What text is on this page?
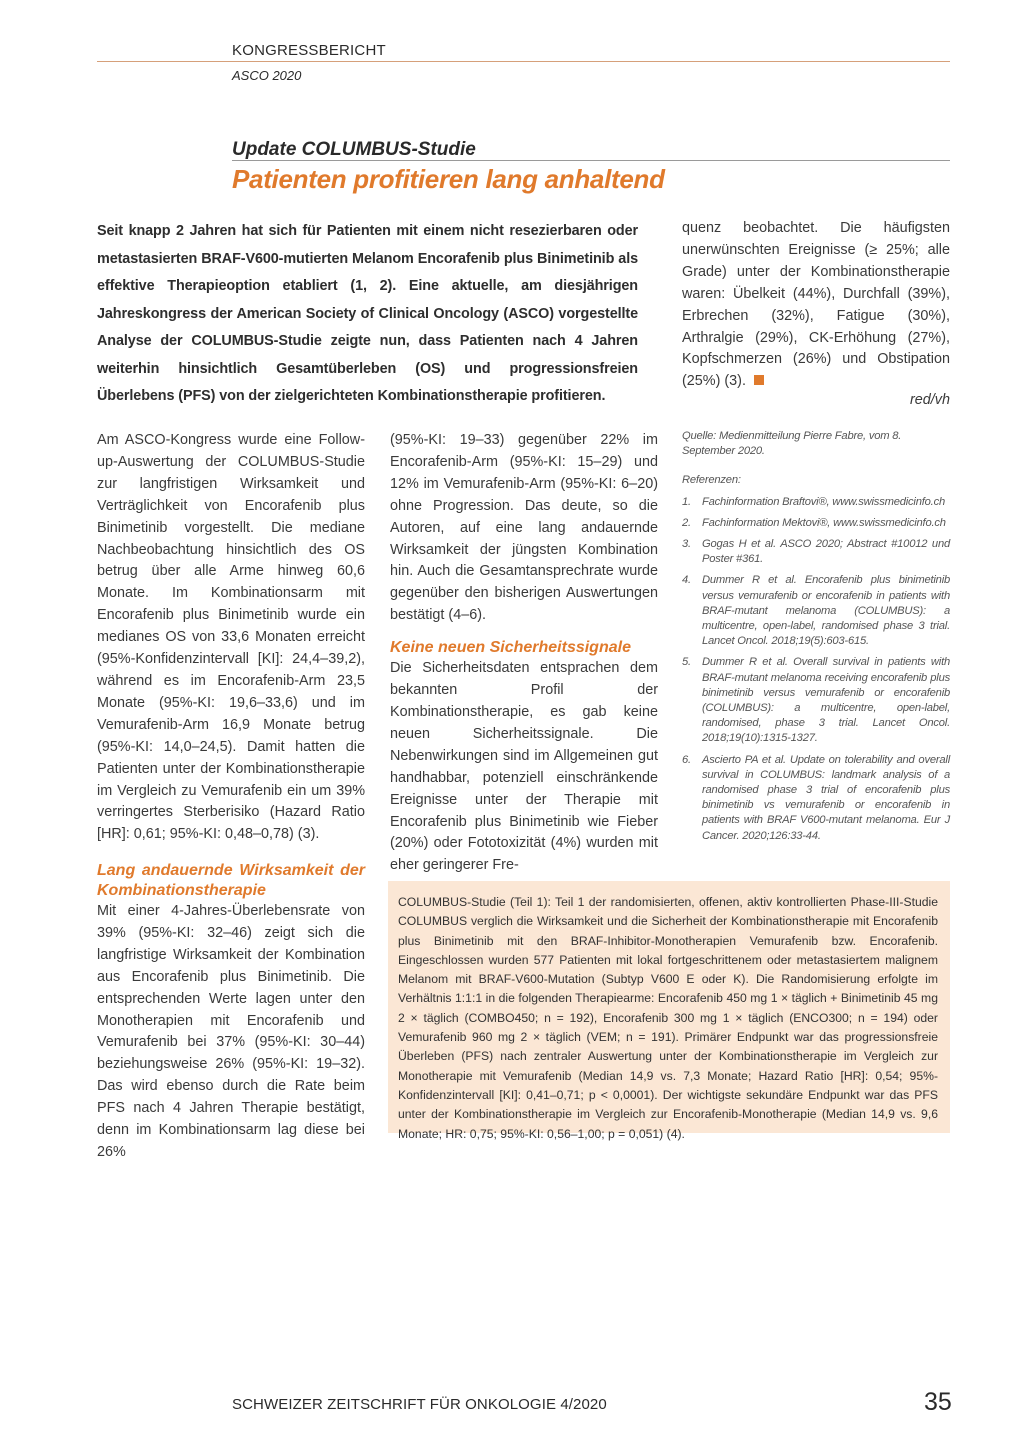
KONGRESSBERICHT
ASCO 2020
Update COLUMBUS-Studie
Patienten profitieren lang anhaltend
Seit knapp 2 Jahren hat sich für Patienten mit einem nicht resezierbaren oder metastasierten BRAF-V600-mutierten Melanom Encorafenib plus Binimetinib als effektive Therapieoption etabliert (1, 2). Eine aktuelle, am diesjährigen Jahreskongress der American Society of Clinical Oncology (ASCO) vorgestellte Analyse der COLUMBUS-Studie zeigte nun, dass Patienten nach 4 Jahren weiterhin hinsichtlich Gesamtüberleben (OS) und progressionsfreien Überlebens (PFS) von der zielgerichteten Kombinationstherapie profitieren.
quenz beobachtet. Die häufigsten unerwünschten Ereignisse (≥ 25%; alle Grade) unter der Kombinationstherapie waren: Übelkeit (44%), Durchfall (39%), Erbrechen (32%), Fatigue (30%), Arthralgie (29%), CK-Erhöhung (27%), Kopfschmerzen (26%) und Obstipation (25%) (3).
red/vh

Am ASCO-Kongress wurde eine Follow-up-Auswertung der COLUMBUS-Studie zur langfristigen Wirksamkeit und Verträglichkeit von Encorafenib plus Binimetinib vorgestellt. Die mediane Nachbeobachtung hinsichtlich des OS betrug über alle Arme hinweg 60,6 Monate. Im Kombinationsarm mit Encorafenib plus Binimetinib wurde ein medianes OS von 33,6 Monaten erreicht (95%-Konfidenzintervall [KI]: 24,4–39,2), während es im Encorafenib-Arm 23,5 Monate (95%-KI: 19,6–33,6) und im Vemurafenib-Arm 16,9 Monate betrug (95%-KI: 14,0–24,5). Damit hatten die Patienten unter der Kombinationstherapie im Vergleich zu Vemurafenib ein um 39% verringertes Sterberisiko (Hazard Ratio [HR]: 0,61; 95%-KI: 0,48–0,78) (3).

Lang andauernde Wirksamkeit der Kombinationstherapie

Mit einer 4-Jahres-Überlebensrate von 39% (95%-KI: 32–46) zeigt sich die langfristige Wirksamkeit der Kombination aus Encorafenib plus Binimetinib. Die entsprechenden Werte lagen unter den Monotherapien mit Encorafenib und Vemurafenib bei 37% (95%-KI: 30–44) beziehungsweise 26% (95%-KI: 19–32). Das wird ebenso durch die Rate beim PFS nach 4 Jahren Therapie bestätigt, denn im Kombinationsarm lag diese bei 26%

(95%-KI: 19–33) gegenüber 22% im Encorafenib-Arm (95%-KI: 15–29) und 12% im Vemurafenib-Arm (95%-KI: 6–20) ohne Progression. Das deute, so die Autoren, auf eine lang andauernde Wirksamkeit der jüngsten Kombination hin. Auch die Gesamtansprechrate wurde gegenüber den bisherigen Auswertungen bestätigt (4–6).

Keine neuen Sicherheitssignale

Die Sicherheitsdaten entsprachen dem bekannten Profil der Kombinationstherapie, es gab keine neuen Sicherheitssignale. Die Nebenwirkungen sind im Allgemeinen gut handhabbar, potenziell einschränkende Ereignisse unter der Therapie mit Encorafenib plus Binimetinib wie Fieber (20%) oder Fototoxizität (4%) wurden mit eher geringerer Fre-

Quelle: Medienmitteilung Pierre Fabre, vom 8. September 2020.
Referenzen:
1. Fachinformation Braftovi®, www.swissmedicinfo.ch
2. Fachinformation Mektovi®, www.swissmedicinfo.ch
3. Gogas H et al. ASCO 2020; Abstract #10012 und Poster #361.
4. Dummer R et al. Encorafenib plus binimetinib versus vemurafenib or encorafenib in patients with BRAF-mutant melanoma (COLUMBUS): a multicentre, open-label, randomised phase 3 trial. Lancet Oncol. 2018;19(5):603-615.
5. Dummer R et al. Overall survival in patients with BRAF-mutant melanoma receiving encorafenib plus binimetinib versus vemurafenib or encorafenib (COLUMBUS): a multicentre, open-label, randomised, phase 3 trial. Lancet Oncol. 2018;19(10):1315-1327.
6. Ascierto PA et al. Update on tolerability and overall survival in COLUMBUS: landmark analysis of a randomised phase 3 trial of encorafenib plus binimetinib vs vemurafenib or encorafenib in patients with BRAF V600-mutant melanoma. Eur J Cancer. 2020;126:33-44.
COLUMBUS-Studie (Teil 1): Teil 1 der randomisierten, offenen, aktiv kontrollierten Phase-III-Studie COLUMBUS verglich die Wirksamkeit und die Sicherheit der Kombinationstherapie mit Encorafenib plus Binimetinib mit den BRAF-Inhibitor-Monotherapien Vemurafenib bzw. Encorafenib. Eingeschlossen wurden 577 Patienten mit lokal fortgeschrittenem oder metastasiertem malignem Melanom mit BRAF-V600-Mutation (Subtyp V600 E oder K). Die Randomisierung erfolgte im Verhältnis 1:1:1 in die folgenden Therapiearme: Encorafenib 450 mg 1 × täglich + Binimetinib 45 mg 2 × täglich (COMBO450; n = 192), Encorafenib 300 mg 1 × täglich (ENCO300; n = 194) oder Vemurafenib 960 mg 2 × täglich (VEM; n = 191). Primärer Endpunkt war das progressionsfreie Überleben (PFS) nach zentraler Auswertung unter der Kombinationstherapie im Vergleich zur Monotherapie mit Vemurafenib (Median 14,9 vs. 7,3 Monate; Hazard Ratio [HR]: 0,54; 95%-Konfidenzintervall [KI]: 0,41–0,71; p < 0,0001). Der wichtigste sekundäre Endpunkt war das PFS unter der Kombinationstherapie im Vergleich zur Encorafenib-Monotherapie (Median 14,9 vs. 9,6 Monate; HR: 0,75; 95%-KI: 0,56–1,00; p = 0,051) (4).
SCHWEIZER ZEITSCHRIFT FÜR ONKOLOGIE 4/2020	35
